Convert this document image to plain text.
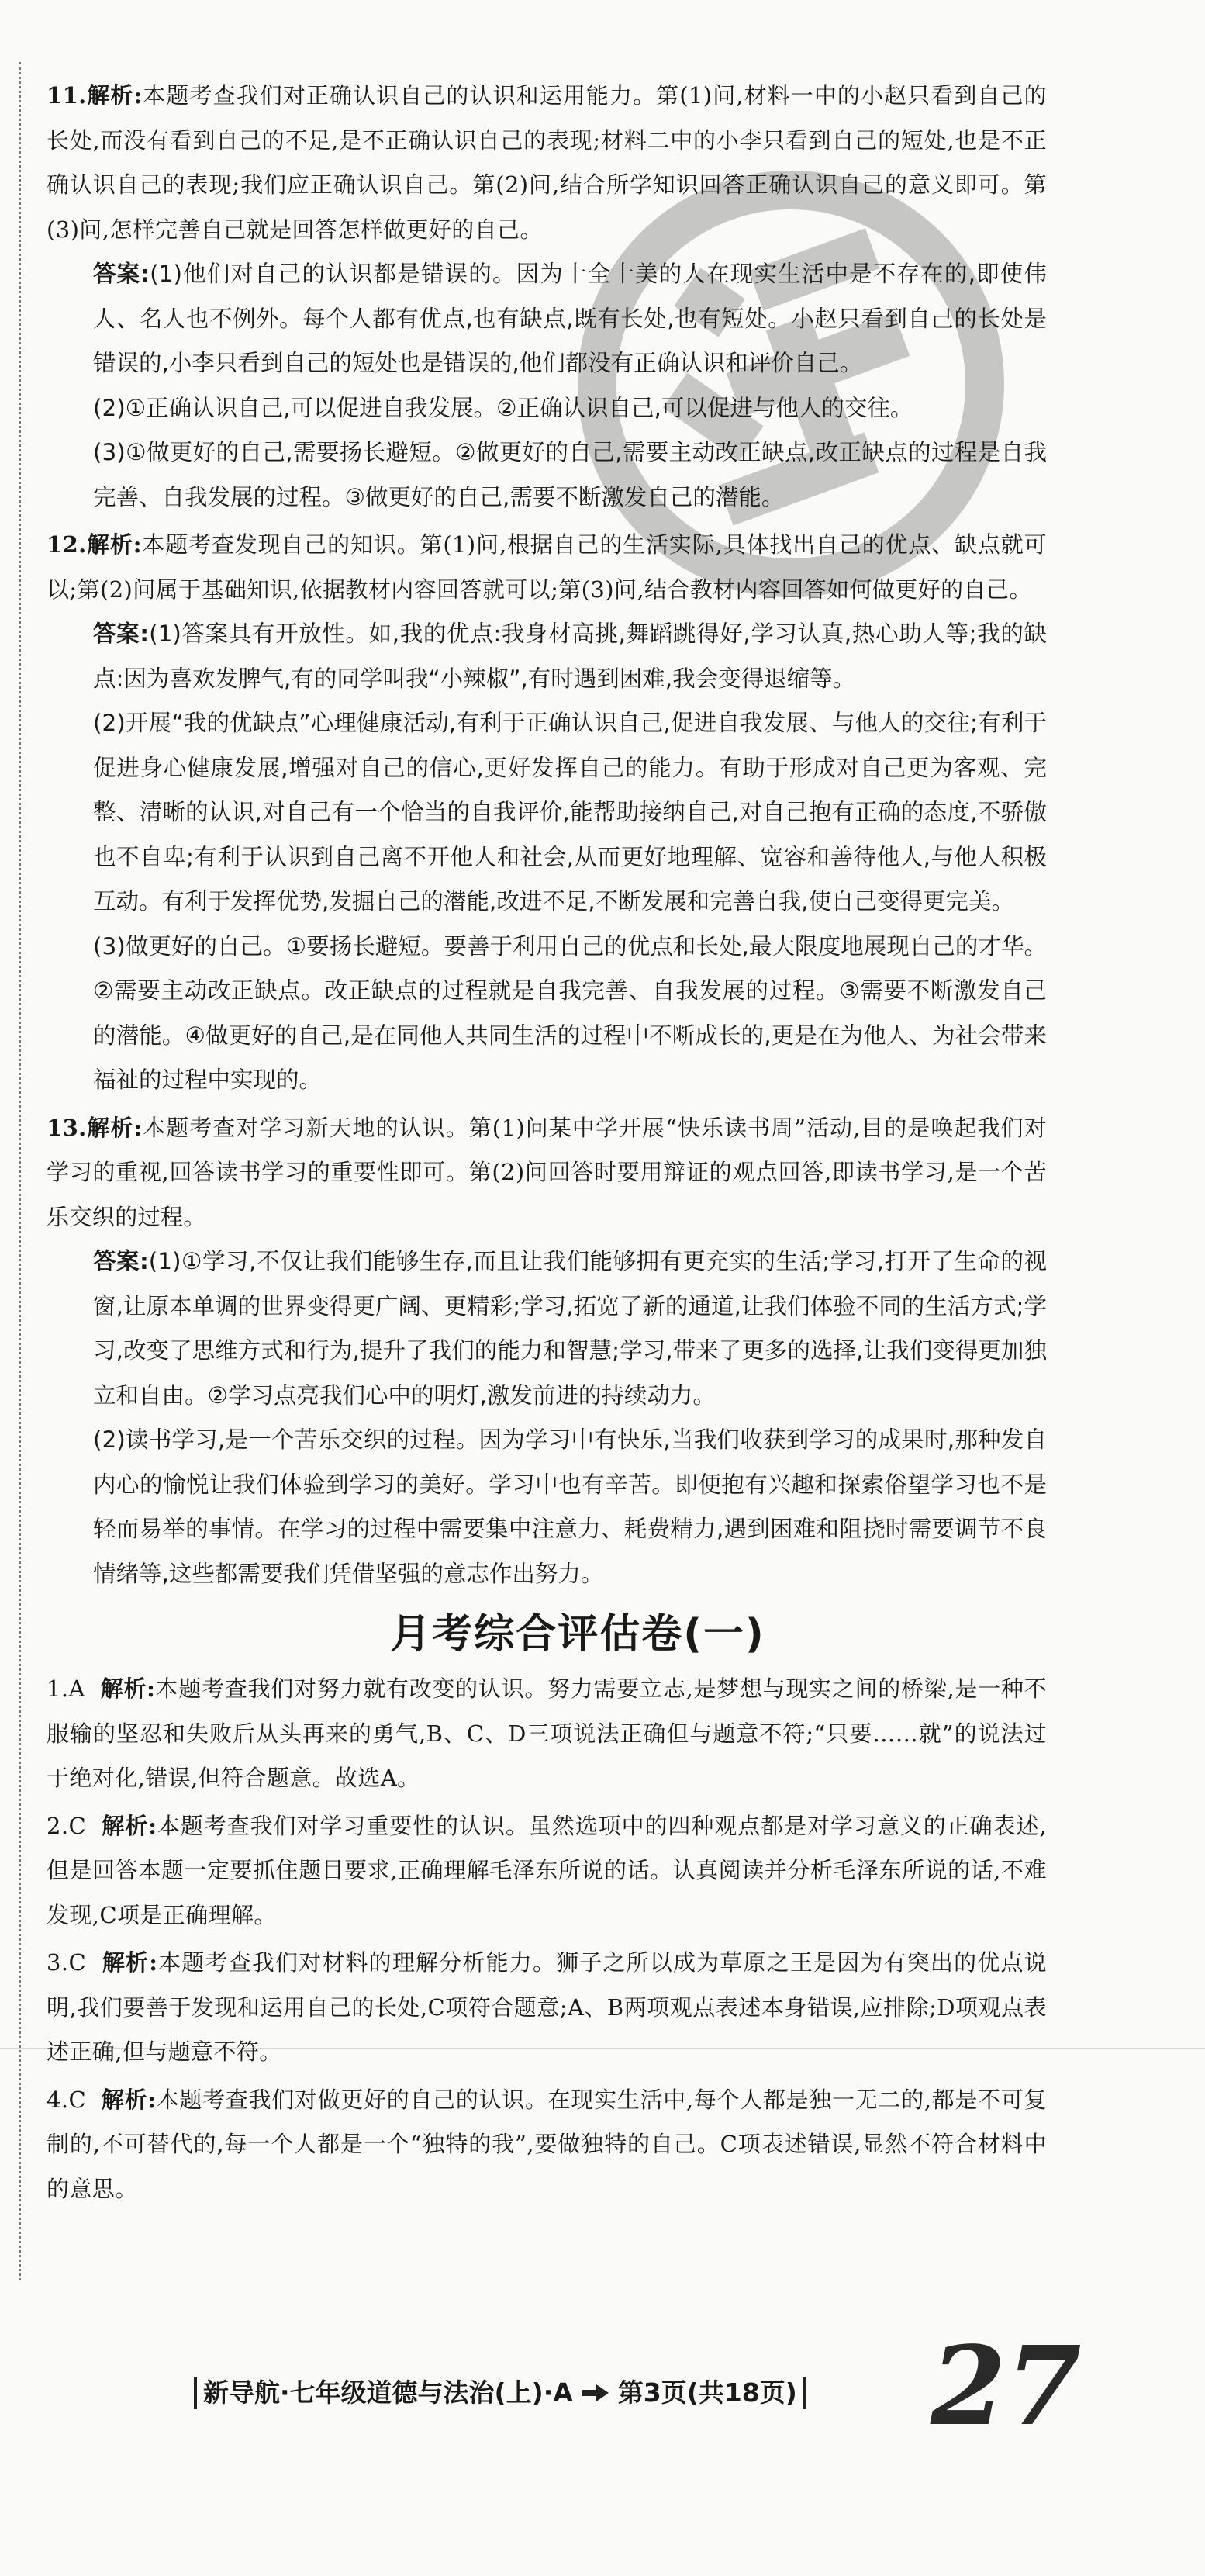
11.解析:本题考查我们对正确认识自己的认识和运用能力。第(1)问,材料一中的小赵只看到自己的长处,而没有看到自己的不足,是不正确认识自己的表现;材料二中的小李只看到自己的短处,也是不正确认识自己的表现;我们应正确认识自己。第(2)问,结合所学知识回答正确认识自己的意义即可。第(3)问,怎样完善自己就是回答怎样做更好的自己。
答案:(1)他们对自己的认识都是错误的。因为十全十美的人在现实生活中是不存在的,即使伟人、名人也不例外。每个人都有优点,也有缺点,既有长处,也有短处。小赵只看到自己的长处是错误的,小李只看到自己的短处也是错误的,他们都没有正确认识和评价自己。
(2)①正确认识自己,可以促进自我发展。②正确认识自己,可以促进与他人的交往。
(3)①做更好的自己,需要扬长避短。②做更好的自己,需要主动改正缺点,改正缺点的过程是自我完善、自我发展的过程。③做更好的自己,需要不断激发自己的潜能。
12.解析:本题考查发现自己的知识。第(1)问,根据自己的生活实际,具体找出自己的优点、缺点就可以;第(2)问属于基础知识,依据教材内容回答就可以;第(3)问,结合教材内容回答如何做更好的自己。
答案:(1)答案具有开放性。如,我的优点:我身材高挑,舞蹈跳得好,学习认真,热心助人等;我的缺点:因为喜欢发脾气,有的同学叫我“小辣椒”,有时遇到困难,我会变得退缩等。
(2)开展“我的优缺点”心理健康活动,有利于正确认识自己,促进自我发展、与他人的交往;有利于促进身心健康发展,增强对自己的信心,更好发挥自己的能力。有助于形成对自己更为客观、完整、清晰的认识,对自己有一个恰当的自我评价,能帮助接纳自己,对自己抱有正确的态度,不骄傲也不自卑;有利于认识到自己离不开他人和社会,从而更好地理解、宽容和善待他人,与他人积极互动。有利于发挥优势,发掘自己的潜能,改进不足,不断发展和完善自我,使自己变得更完美。
(3)做更好的自己。①要扬长避短。要善于利用自己的优点和长处,最大限度地展现自己的才华。②需要主动改正缺点。改正缺点的过程就是自我完善、自我发展的过程。③需要不断激发自己的潜能。④做更好的自己,是在同他人共同生活的过程中不断成长的,更是在为他人、为社会带来福祉的过程中实现的。
13.解析:本题考查对学习新天地的认识。第(1)问某中学开展“快乐读书周”活动,目的是唤起我们对学习的重视,回答读书学习的重要性即可。第(2)问回答时要用辩证的观点回答,即读书学习,是一个苦乐交织的过程。
答案:(1)①学习,不仅让我们能够生存,而且让我们能够拥有更充实的生活;学习,打开了生命的视窗,让原本单调的世界变得更广阔、更精彩;学习,拓宽了新的通道,让我们体验不同的生活方式;学习,改变了思维方式和行为,提升了我们的能力和智慧;学习,带来了更多的选择,让我们变得更加独立和自由。②学习点亮我们心中的明灯,激发前进的持续动力。
(2)读书学习,是一个苦乐交织的过程。因为学习中有快乐,当我们收获到学习的成果时,那种发自内心的愉悦让我们体验到学习的美好。学习中也有辛苦。即便抱有兴趣和探索俗望学习也不是轻而易举的事情。在学习的过程中需要集中注意力、耗费精力,遇到困难和阻挠时需要调节不良情绪等,这些都需要我们凭借坚强的意志作出努力。
月考综合评估卷(一)
1.A 解析:本题考查我们对努力就有改变的认识。努力需要立志,是梦想与现实之间的桥梁,是一种不服输的坚忍和失败后从头再来的勇气,B、C、D三项说法正确但与题意不符;“只要……就”的说法过于绝对化,错误,但符合题意。故选A。
2.C 解析:本题考查我们对学习重要性的认识。虽然选项中的四种观点都是对学习意义的正确表述,但是回答本题一定要抓住题目要求,正确理解毛泽东所说的话。认真阅读并分析毛泽东所说的话,不难发现,C项是正确理解。
3.C 解析:本题考查我们对材料的理解分析能力。狮子之所以成为草原之王是因为有突出的优点说明,我们要善于发现和运用自己的长处,C项符合题意;A、B两项观点表述本身错误,应排除;D项观点表述正确,但与题意不符。
4.C 解析:本题考查我们对做更好的自己的认识。在现实生活中,每个人都是独一无二的,都是不可复制的,不可替代的,每一个人都是一个“独特的我”,要做独特的自己。C项表述错误,显然不符合材料中的意思。
新导航·七年级道德与法治(上)·A 第3页(共18页) 27
